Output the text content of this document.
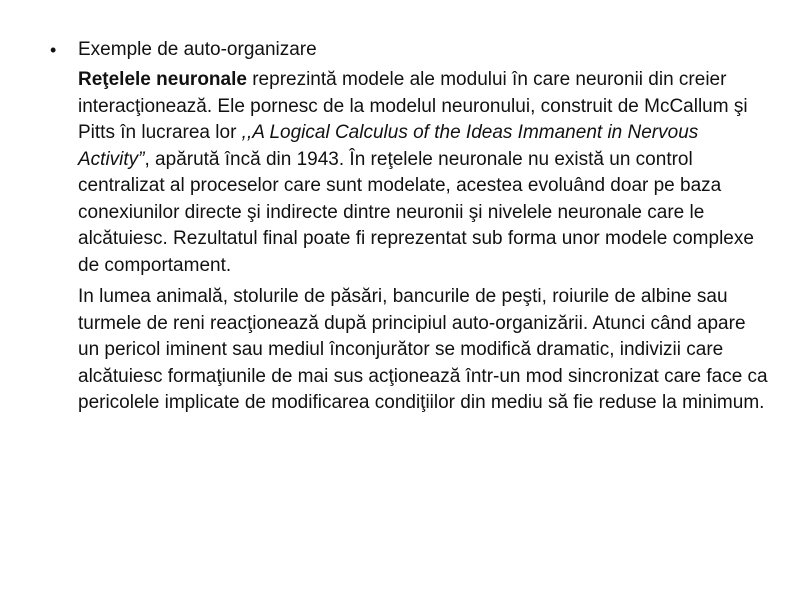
•	Exemple de auto-organizare

Reţelele neuronale reprezintă modele ale modului în care neuronii din creier interacţionează. Ele pornesc de la modelul neuronului, construit de McCallum şi Pitts în lucrarea lor ,,A Logical Calculus of the Ideas Immanent in Nervous Activity”, apărută încă din 1943. În reţelele neuronale nu există un control centralizat al proceselor care sunt modelate, acestea evoluând doar pe baza conexiunilor directe şi indirecte dintre neuronii şi nivelele neuronale care le alcătuiesc. Rezultatul final poate fi reprezentat sub forma unor modele complexe de comportament.

In lumea animală, stolurile de păsări, bancurile de peşti, roiurile de albine sau turmele de reni reacţionează după principiul auto-organizării. Atunci când apare un pericol iminent sau mediul înconjurător se modifică dramatic, indivizii care alcătuiesc formaţiunile de mai sus acţionează într-un mod sincronizat care face ca pericolele implicate de modificarea condiţiilor din mediu să fie reduse la minimum.
